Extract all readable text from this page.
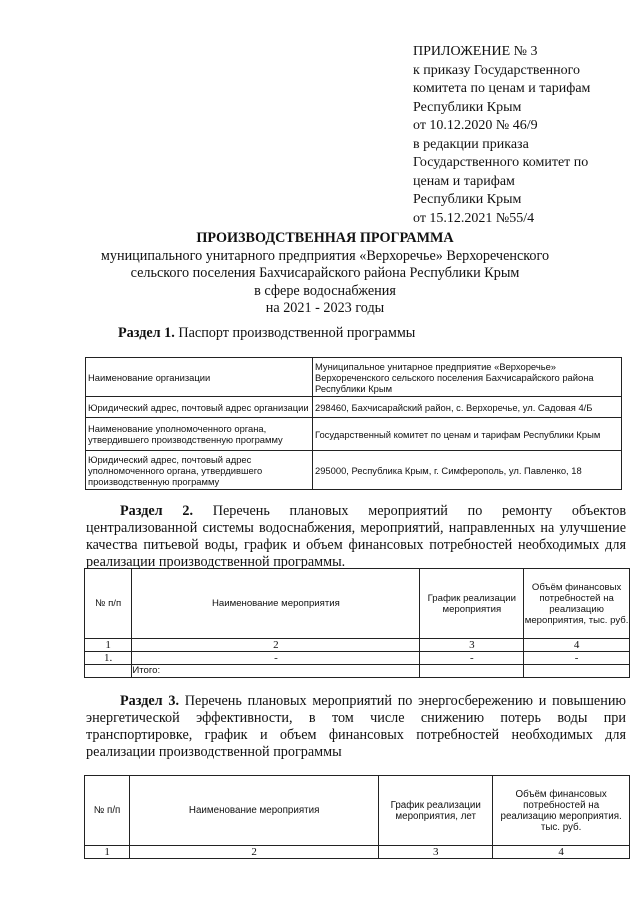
ПРИЛОЖЕНИЕ № 3
к приказу Государственного
комитета по ценам и тарифам
Республики Крым
от 10.12.2020 № 46/9
в редакции приказа
Государственного комитет по
ценам и тарифам
Республики Крым
от 15.12.2021 №55/4
ПРОИЗВОДСТВЕННАЯ ПРОГРАММА
муниципального унитарного предприятия «Верхоречье» Верхореченского
сельского поселения Бахчисарайского района Республики Крым
в сфере водоснабжения
на 2021 - 2023 годы
Раздел 1. Паспорт производственной программы
Наименование организации	Муниципальное унитарное предприятие «Верхоречье» Верхореченского сельского поселения Бахчисарайского района Республики Крым
Юридический адрес, почтовый адрес организации	298460, Бахчисарайский район, с. Верхоречье, ул. Садовая 4/Б
Наименование уполномоченного органа, утвердившего производственную программу	Государственный комитет по ценам и тарифам Республики Крым
Юридический адрес, почтовый адрес уполномоченного органа, утвердившего производственную программу	295000, Республика Крым, г. Симферополь, ул. Павленко, 18
Раздел 2. Перечень плановых мероприятий по ремонту объектов централизованной системы водоснабжения, мероприятий, направленных на улучшение качества питьевой воды, график и объем финансовых потребностей необходимых для реализации производственной программы.
№ п/п	Наименование мероприятия	График реализации мероприятия	Объём финансовых потребностей на реализацию мероприятия, тыс. руб.
1	2	3	4
1.	-	-	-
	Итого:		
Раздел 3. Перечень плановых мероприятий по энергосбережению и повышению энергетической эффективности, в том числе снижению потерь воды при транспортировке, график и объем финансовых потребностей необходимых для реализации производственной программы
№ п/п	Наименование мероприятия	График реализации мероприятия, лет	Объём финансовых потребностей на реализацию мероприятия. тыс. руб.
1	2	3	4
